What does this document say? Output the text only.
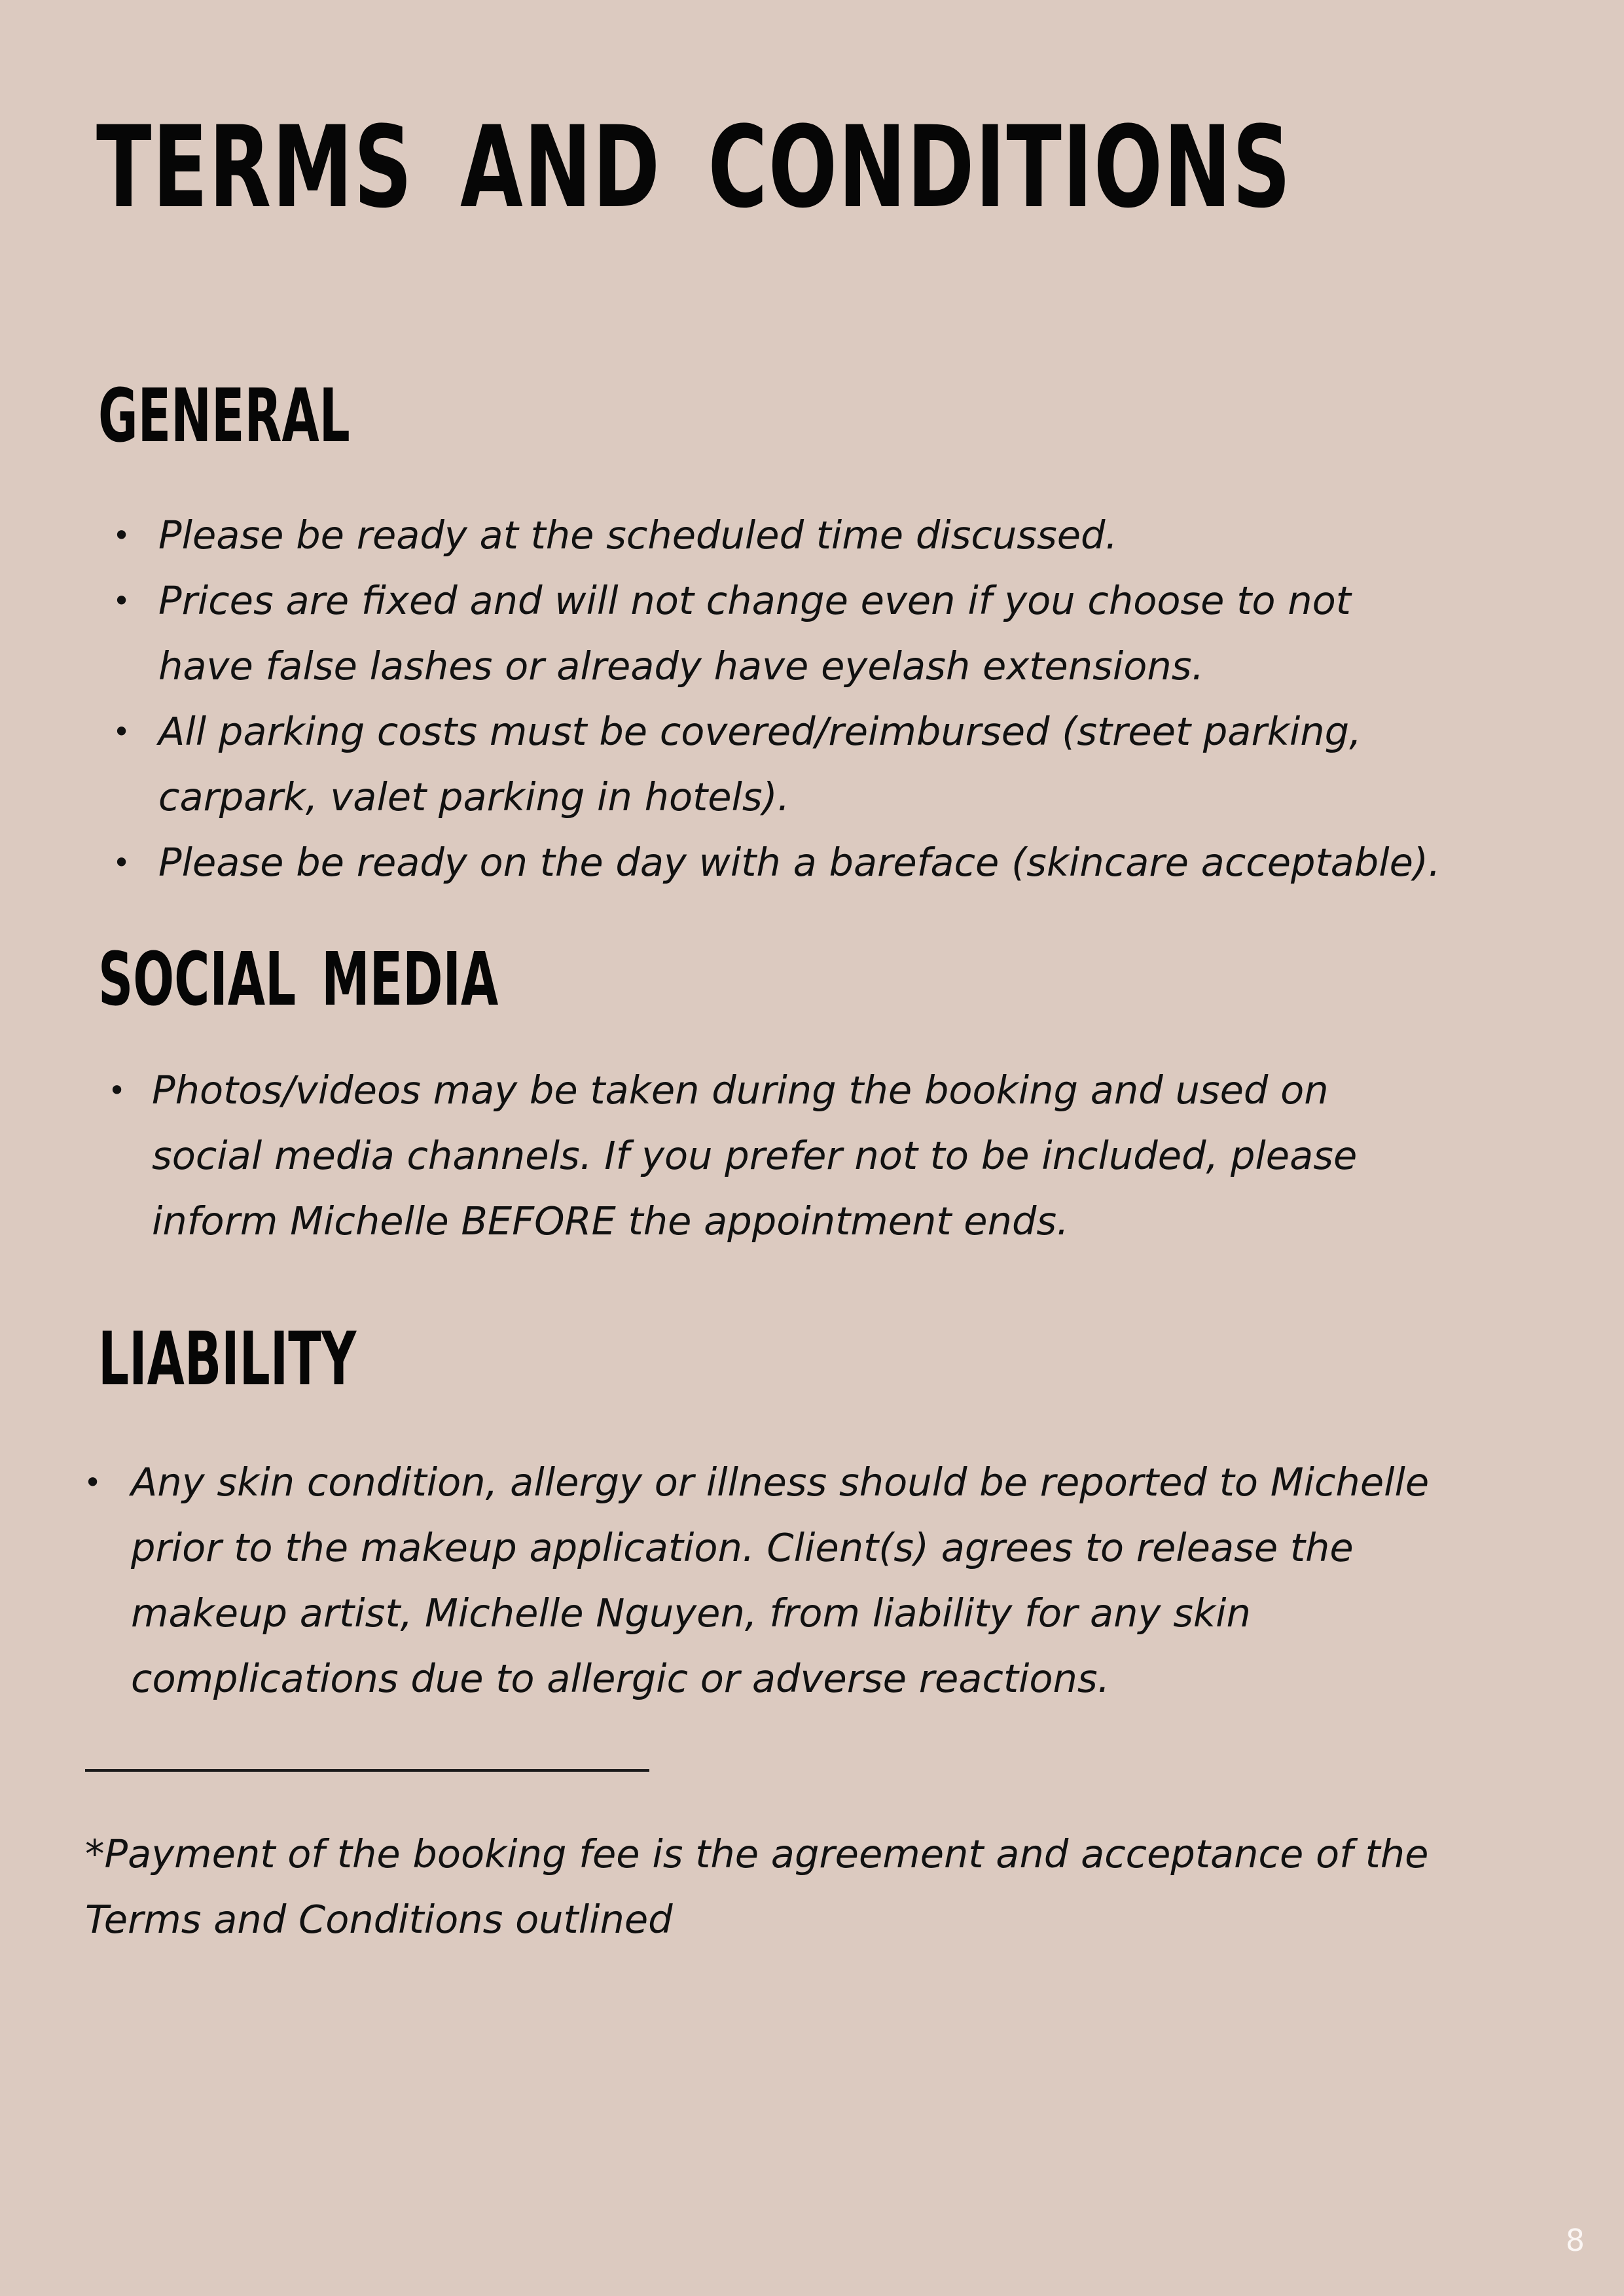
TERMS AND CONDITIONS
GENERAL
• Please be ready at the scheduled time discussed.
• Prices are fixed and will not change even if you choose to not have false lashes or already have eyelash extensions.
• All parking costs must be covered/reimbursed (street parking, carpark, valet parking in hotels).
• Please be ready on the day with a bareface (skincare acceptable).
SOCIAL MEDIA
• Photos/videos may be taken during the booking and used on social media channels. If you prefer not to be included, please inform Michelle BEFORE the appointment ends.
LIABILITY
• Any skin condition, allergy or illness should be reported to Michelle prior to the makeup application. Client(s) agrees to release the makeup artist, Michelle Nguyen, from liability for any skin complications due to allergic or adverse reactions.

*Payment of the booking fee is the agreement and acceptance of the Terms and Conditions outlined

8
